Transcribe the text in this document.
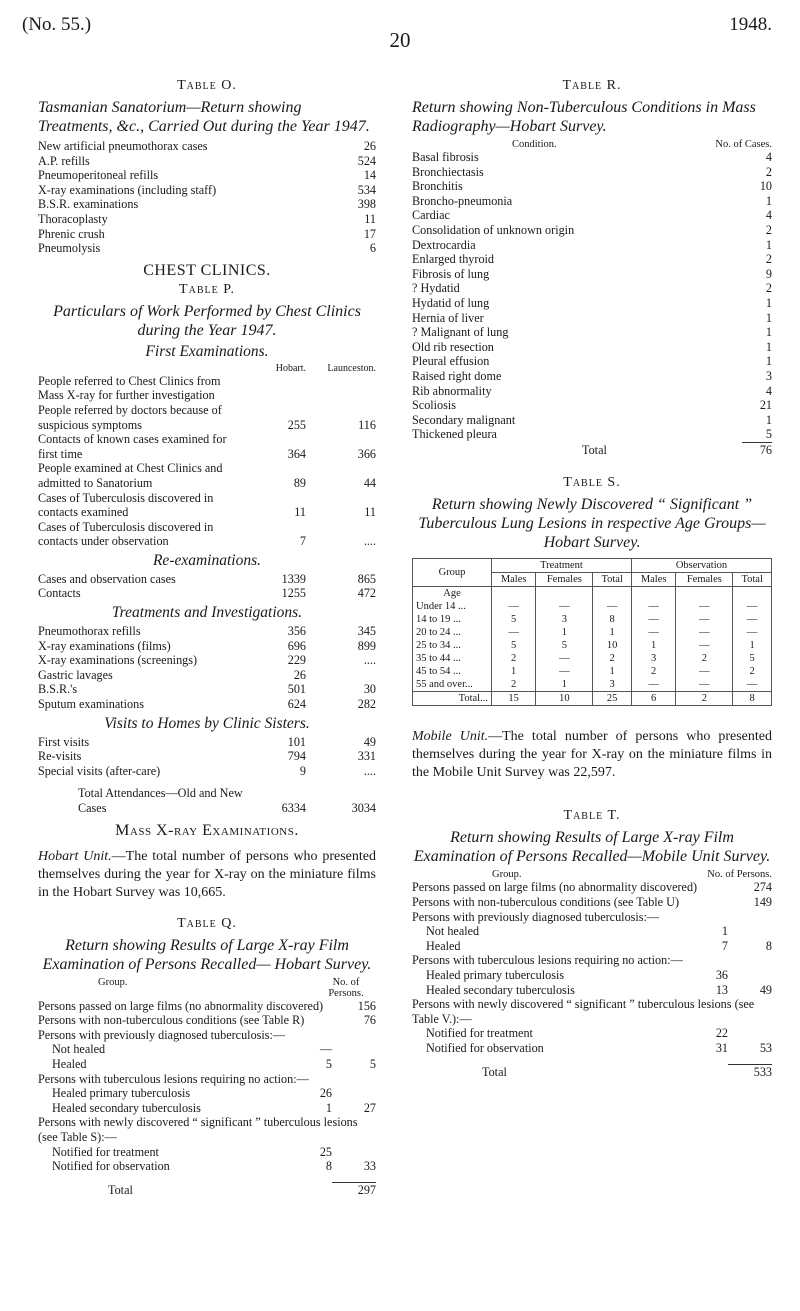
(No. 55.)
20
1948.
Table O.
Tasmanian Sanatorium—Return showing Treatments, &c., Carried Out during the Year 1947.
New artificial pneumothorax cases	26
A.P. refills	524
Pneumoperitoneal refills	14
X-ray examinations (including staff)	534
B.S.R. examinations	398
Thoracoplasty	11
Phrenic crush	17
Pneumolysis	6
CHEST CLINICS.
Table P.
Particulars of Work Performed by Chest Clinics during the Year 1947.
First Examinations.
Hobart.	Launceston.
People referred to Chest Clinics from Mass X-ray for further investigation
People referred by doctors because of suspicious symptoms	255	116
Contacts of known cases examined for first time	364	366
People examined at Chest Clinics and admitted to Sanatorium	89	44
Cases of Tuberculosis discovered in contacts examined	11	11
Cases of Tuberculosis discovered in contacts under observation	7	....
Re-examinations.
Cases and observation cases	1339	865
Contacts	1255	472
Treatments and Investigations.
Pneumothorax refills	356	345
X-ray examinations (films)	696	899
X-ray examinations (screenings)	229	....
Gastric lavages	26
B.S.R.'s	501	30
Sputum examinations	624	282
Visits to Homes by Clinic Sisters.
First visits	101	49
Re-visits	794	331
Special visits (after-care)	9	....
Total Attendances—Old and New Cases	6334	3034
Mass X-ray Examinations.
Hobart Unit.—The total number of persons who presented themselves during the year for X-ray on the miniature films in the Hobart Survey was 10,665.
Table Q.
Return showing Results of Large X-ray Film Examination of Persons Recalled— Hobart Survey.
Group.	No. of Persons.
Persons passed on large films (no abnormality discovered)	156
Persons with non-tuberculous conditions (see Table R)	76
Persons with previously diagnosed tuberculosis:—
Not healed	—
Healed	5	5
Persons with tuberculous lesions requiring no action:—
Healed primary tuberculosis	26
Healed secondary tuberculosis	1	27
Persons with newly discovered “ significant ” tuberculous lesions (see Table S):—
Notified for treatment	25
Notified for observation	8	33
Total	297
Table R.
Return showing Non-Tuberculous Conditions in Mass Radiography—Hobart Survey.
Condition.	No. of Cases.
Basal fibrosis	4
Bronchiectasis	2
Bronchitis	10
Broncho-pneumonia	1
Cardiac	4
Consolidation of unknown origin	2
Dextrocardia	1
Enlarged thyroid	2
Fibrosis of lung	9
? Hydatid	2
Hydatid of lung	1
Hernia of liver	1
? Malignant of lung	1
Old rib resection	1
Pleural effusion	1
Raised right dome	3
Rib abnormality	4
Scoliosis	21
Secondary malignant	1
Thickened pleura	5
Total	76
Table S.
Return showing Newly Discovered “ Significant ” Tuberculous Lung Lesions in respective Age Groups—Hobart Survey.
Group	Treatment			Observation		
	Males	Females	Total	Males	Females	Total
Age						
Under 14 ...	—	—	—	—	—	—
14 to 19 ...	5	3	8	—	—	—
20 to 24 ...	—	1	1	—	—	—
25 to 34 ...	5	5	10	1	—	1
35 to 44 ...	2	—	2	3	2	5
45 to 54 ...	1	—	1	2	—	2
55 and over...	2	1	3	—	—	—
Total...	15	10	25	6	2	8
Mobile Unit.—The total number of persons who presented themselves during the year for X-ray on the miniature films in the Mobile Unit Survey was 22,597.
Table T.
Return showing Results of Large X-ray Film Examination of Persons Recalled—Mobile Unit Survey.
Group.	No. of Persons.
Persons passed on large films (no abnormality discovered)	274
Persons with non-tuberculous conditions (see Table U)	149
Persons with previously diagnosed tuberculosis:—
Not healed	1
Healed	7	8
Persons with tuberculous lesions requiring no action:—
Healed primary tuberculosis	36
Healed secondary tuberculosis	13	49
Persons with newly discovered “ significant ” tuberculous lesions (see Table V.):—
Notified for treatment	22
Notified for observation	31	53
Total	533
